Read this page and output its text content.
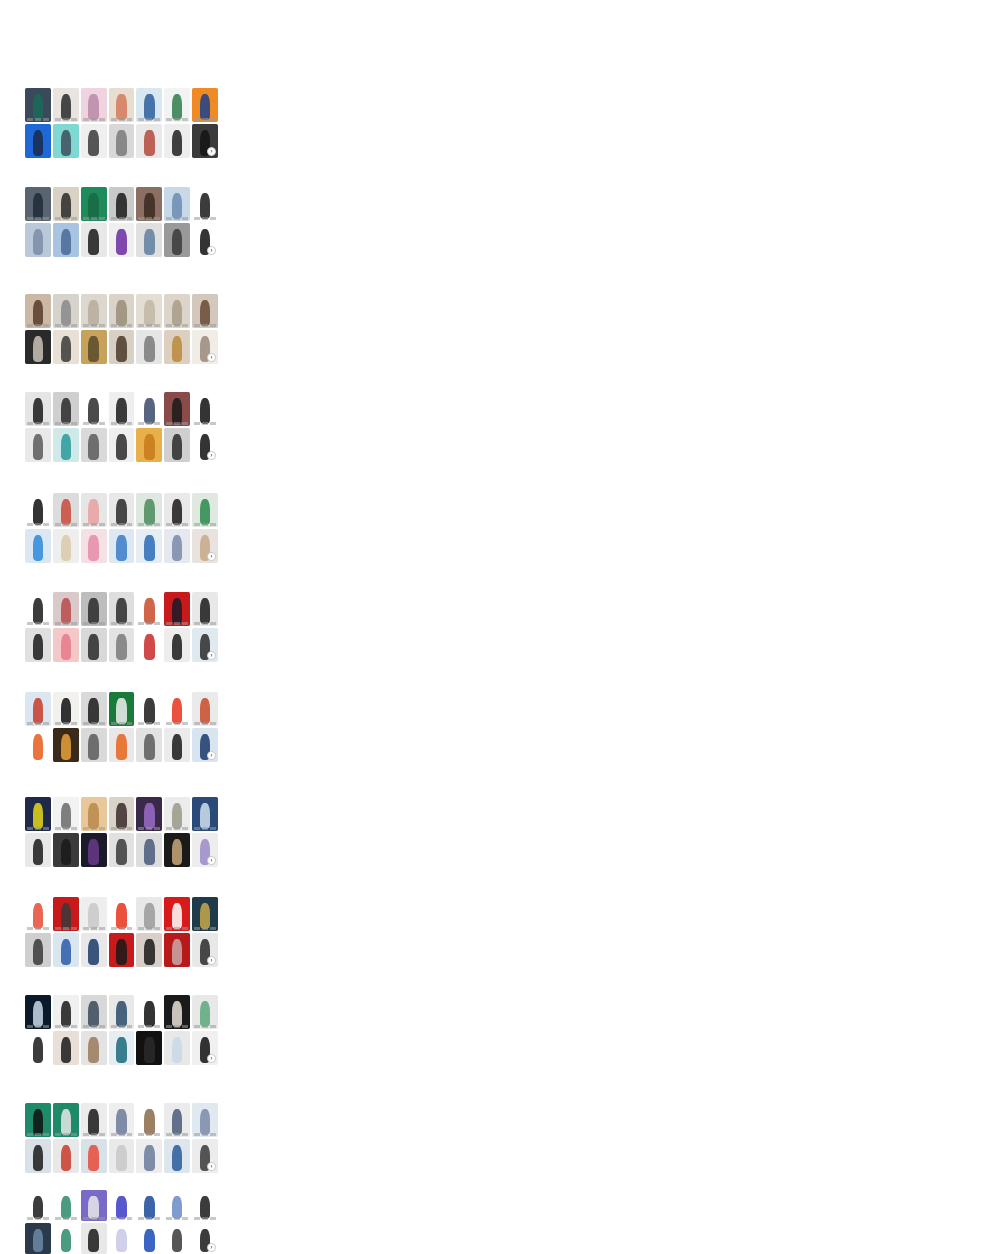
›
›
›
›
›
›
›
›
›
›
›
›
